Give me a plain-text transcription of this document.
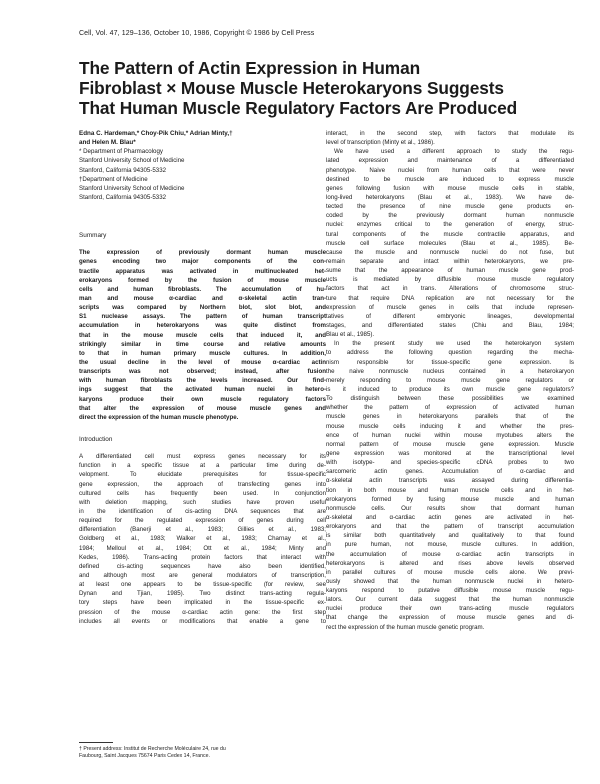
Cell, Vol. 47, 129–136, October 10, 1986, Copyright © 1986 by Cell Press
The Pattern of Actin Expression in Human
Fibroblast × Mouse Muscle Heterokaryons Suggests
That Human Muscle Regulatory Factors Are Produced
Edna C. Hardeman,* Choy-Pik Chiu,* Adrian Minty,†
and Helen M. Blau*
* Department of Pharmacology
Stanford University School of Medicine
Stanford, California 94305-5332
†Department of Medicine
Stanford University School of Medicine
Stanford, California 94305-5332
Summary
The expression of previously dormant human muscle
genes encoding two major components of the con-
tractile apparatus was activated in multinucleated het-
erokaryons formed by the fusion of mouse muscle
cells and human fibroblasts. The accumulation of hu-
man and mouse α-cardiac and α-skeletal actin tran-
scripts was compared by Northern blot, slot blot, and
S1 nuclease assays. The pattern of human transcript
accumulation in heterokaryons was quite distinct from
that in the mouse muscle cells that induced it, and
strikingly similar in time course and relative amounts
to that in human primary muscle cultures. In addition,
the usual decline in the level of mouse α-cardiac actin
transcripts was not observed; instead, after fusion
with human fibroblasts the levels increased. Our find-
ings suggest that the activated human nuclei in hetero-
karyons produce their own muscle regulatory factors
that alter the expression of mouse muscle genes and
direct the expression of the human muscle phenotype.
Introduction
A differentiated cell must express genes necessary for its
function in a specific tissue at a particular time during de-
velopment. To elucidate prerequisites for tissue-specific
gene expression, the approach of transfecting genes into
cultured cells has frequently been used. In conjunction
with deletion mapping, such studies have proven useful
in the identification of cis-acting DNA sequences that are
required for the regulated expression of genes during cell
differentiation (Banerji et al., 1983; Gillies et al., 1983;
Goldberg et al., 1983; Walker et al., 1983; Charnay et al.,
1984; Melloul et al., 1984; Ott et al., 1984; Minty and
Kedes, 1986). Trans-acting protein factors that interact with
defined cis-acting sequences have also been identified,
and although most are general modulators of transcription,
at least one appears to be tissue-specific (for review, see
Dynan and Tjian, 1985). Two distinct trans-acting regula-
tory steps have been implicated in the tissue-specific ex-
pression of the mouse α-cardiac actin gene: the first step
includes all events or modifications that enable a gene to
† Present address: Institut de Recherche Moléculaire 24, rue du
Faubourg, Saint Jacques 75674 Paris Cedex 14, France.
interact, in the second step, with factors that modulate its
level of transcription (Minty et al., 1986).
We have used a different approach to study the regu-
lated expression and maintenance of a differentiated
phenotype. Naive nuclei from human cells that were never
destined to be muscle are induced to express muscle
genes following fusion with mouse muscle cells in stable,
long-lived heterokaryons (Blau et al., 1983). We have de-
tected the presence of nine muscle gene products en-
coded by the previously dormant human nonmuscle
nuclei: enzymes critical to the generation of energy, struc-
tural components of the muscle contractile apparatus, and
muscle cell surface molecules (Blau et al., 1985). Be-
cause the muscle and nonmuscle nuclei do not fuse, but
remain separate and intact within heterokaryons, we pre-
sume that the appearance of human muscle gene prod-
ucts is mediated by diffusible mouse muscle regulatory
factors that act in trans. Alterations of chromosome struc-
ture that require DNA replication are not necessary for the
expression of muscle genes in cells that include represen-
tatives of different embryonic lineages, developmental
stages, and differentiated states (Chiu and Blau, 1984;
Blau et al., 1985).
In the present study we used the heterokaryon system
to address the following question regarding the mecha-
nism responsible for tissue-specific gene expression. Is
the naive nonmuscle nucleus contained in a heterokaryon
merely responding to mouse muscle gene regulators or
is it induced to produce its own muscle gene regulators?
To distinguish between these possibilities we examined
whether the pattern of expression of activated human
muscle genes in heterokaryons parallels that of the
mouse muscle cells inducing it and whether the pres-
ence of human nuclei within mouse myotubes alters the
normal pattern of mouse muscle gene expression. Muscle
gene expression was monitored at the transcriptional level
with isotype- and species-specific cDNA probes to two
sarcomeric actin genes. Accumulation of α-cardiac and
α-skeletal actin transcripts was assayed during differentia-
tion in both mouse and human muscle cells and in het-
erokaryons formed by fusing mouse muscle and human
nonmuscle cells. Our results show that dormant human
α-skeletal and α-cardiac actin genes are activated in het-
erokaryons and that the pattern of transcript accumulation
is similar both quantitatively and qualitatively to that found
in pure human, not mouse, muscle cultures. In addition,
the accumulation of mouse α-cardiac actin transcripts in
heterokaryons is altered and rises above levels observed
in parallel cultures of mouse muscle cells alone. We previ-
ously showed that the human nonmuscle nuclei in hetero-
karyons respond to putative diffusible mouse muscle regu-
lators. Our current data suggest that the human nonmuscle
nuclei produce their own trans-acting muscle regulators
that change the expression of mouse muscle genes and di-
rect the expression of the human muscle genetic program.
